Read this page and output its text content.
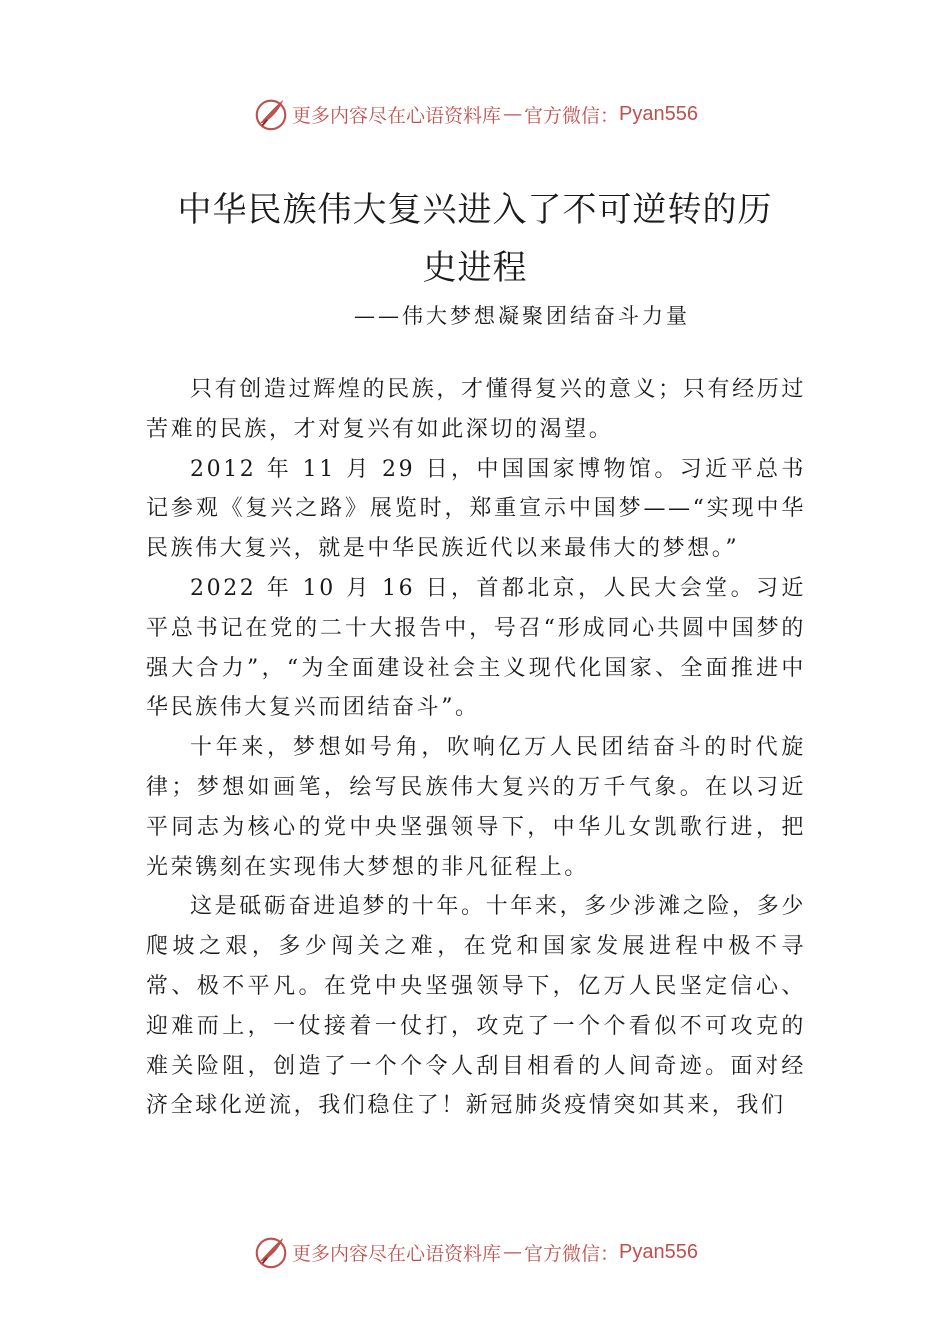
更多内容尽在心语资料库 — 官方微信： Pyan556
中华民族伟大复兴进入了不可逆转的历
史进程

——伟大梦想凝聚团结奋斗力量

只有创造过辉煌的民族，才懂得复兴的意义；只有经历过苦难的民族，才对复兴有如此深切的渴望。

2012 年 11 月 29 日，中国国家博物馆。习近平总书记参观《复兴之路》展览时，郑重宣示中国梦——“实现中华民族伟大复兴，就是中华民族近代以来最伟大的梦想。”

2022 年 10 月 16 日，首都北京，人民大会堂。习近平总书记在党的二十大报告中，号召“形成同心共圆中国梦的强大合力”，“为全面建设社会主义现代化国家、全面推进中华民族伟大复兴而团结奋斗”。

十年来，梦想如号角，吹响亿万人民团结奋斗的时代旋律；梦想如画笔，绘写民族伟大复兴的万千气象。在以习近平同志为核心的党中央坚强领导下，中华儿女凯歌行进，把光荣镌刻在实现伟大梦想的非凡征程上。

这是砥砺奋进追梦的十年。十年来，多少涉滩之险，多少爬坡之艰，多少闯关之难，在党和国家发展进程中极不寻常、极不平凡。在党中央坚强领导下，亿万人民坚定信心、 迎难而上，一仗接着一仗打，攻克了一个个看似不可攻克的难关险阻，创造了一个个令人刮目相看的人间奇迹。面对经济全球化逆流，我们稳住了！新冠肺炎疫情突如其来，我们

更多内容尽在心语资料库 — 官方微信： Pyan556
